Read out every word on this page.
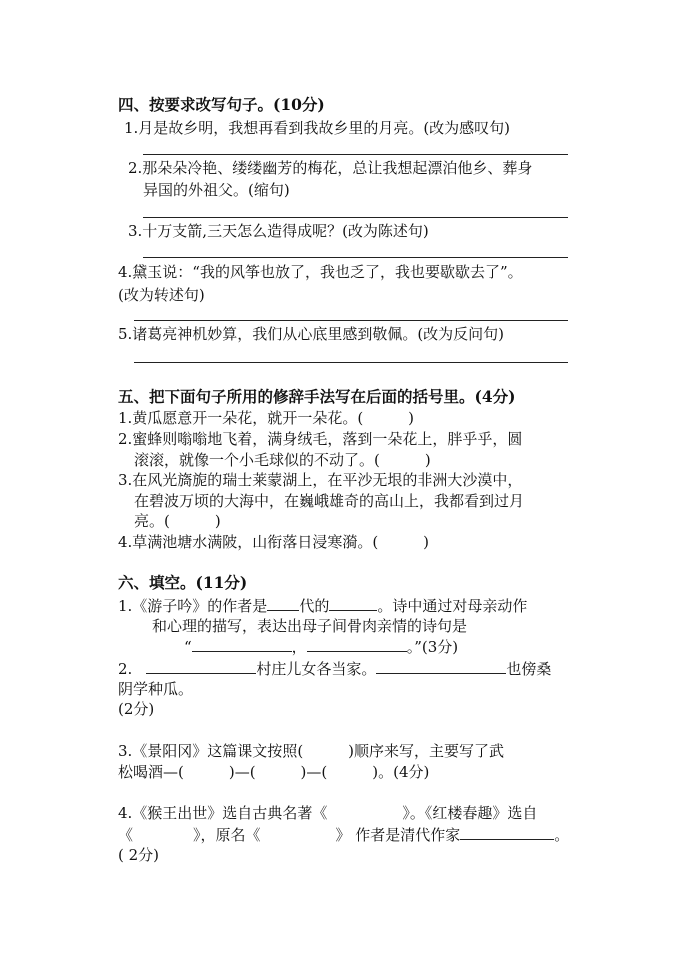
四、按要求改写句子。(10分)
1.月是故乡明，我想再看到我故乡里的月亮。(改为感叹句)
2.那朵朵冷艳、缕缕幽芳的梅花，总让我想起漂泊他乡、葬身
异国的外祖父。(缩句)
3.十万支箭,三天怎么造得成呢？(改为陈述句)
4.黛玉说：“我的风筝也放了，我也乏了，我也要歇歇去了”。
(改为转述句)
5.诸葛亮神机妙算，我们从心底里感到敬佩。(改为反问句)
五、把下面句子所用的修辞手法写在后面的括号里。(4分)
1.黄瓜愿意开一朵花，就开一朵花。(　　　)
2.蜜蜂则嗡嗡地飞着，满身绒毛，落到一朵花上，胖乎乎，圆
滚滚，就像一个小毛球似的不动了。(　　　)
3.在风光旖旎的瑞士莱蒙湖上，在平沙无垠的非洲大沙漠中，
在碧波万顷的大海中，在巍峨雄奇的高山上，我都看到过月
亮。(　　　)
4.草满池塘水满陂，山衔落日浸寒漪。(　　　)
六、填空。(11分)
1.《游子吟》的作者是 代的	。诗中通过对母亲动作
和心理的描写，表达出母子间骨肉亲情的诗句是
“	，	。”(3分)
2.	村庄儿女各当家。	也傍桑
阴学种瓜。
(2分)
3.《景阳冈》这篇课文按照(　　　)顺序来写，主要写了武
松喝酒—(　　　)—(　　　)—(　　　)。(4分)
4.《猴王出世》选自古典名著《　　　　　》。《红楼春趣》选自
《　　　　》，原名《　　　　　》 作者是清代作家	。
( 2分)
